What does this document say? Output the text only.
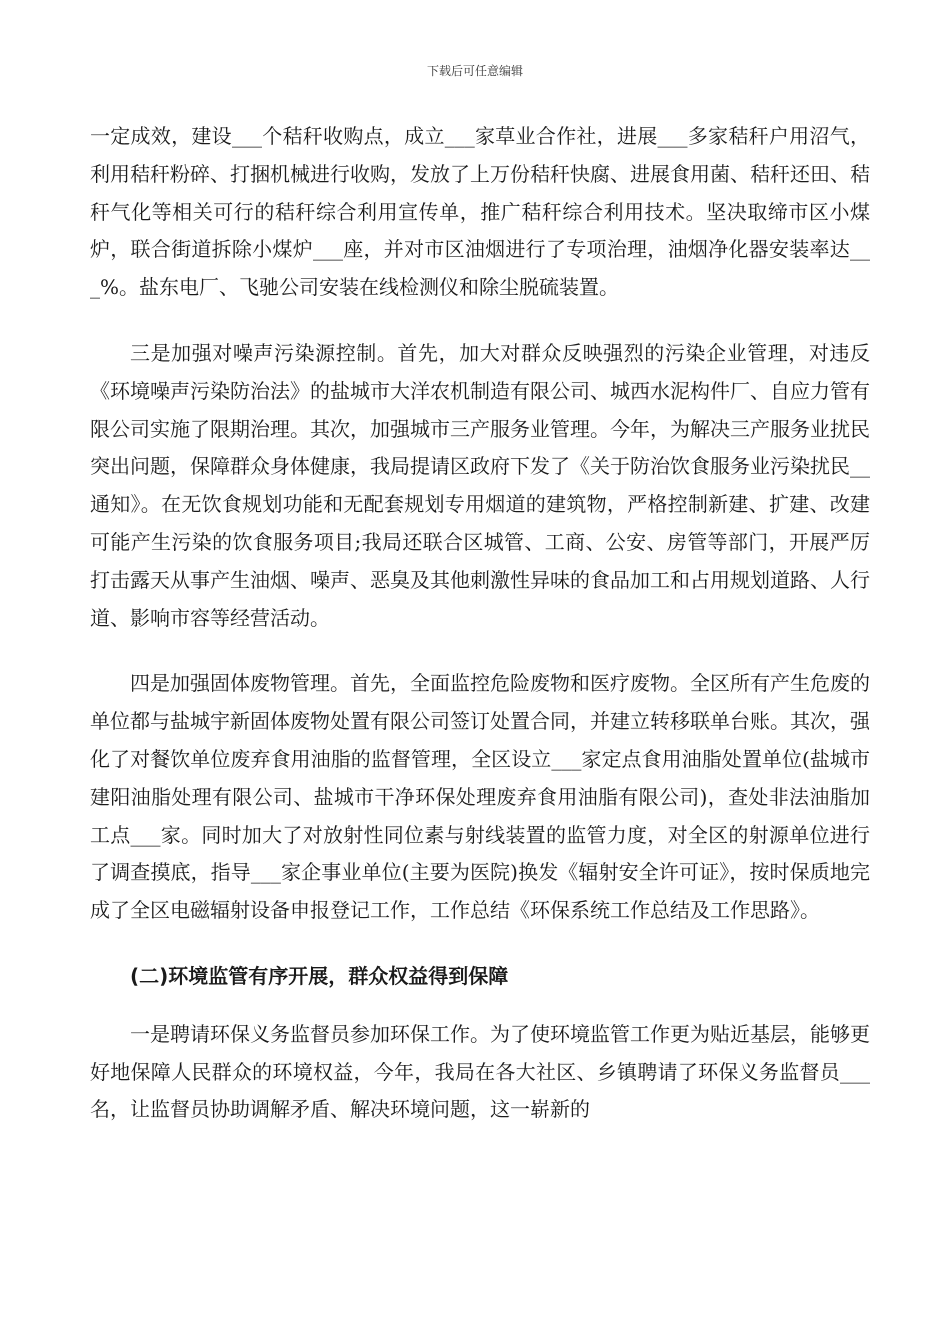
下载后可任意编辑

一定成效，建设___个秸秆收购点，成立___家草业合作社，进展___多家秸秆户用沼气，利用秸秆粉碎、打捆机械进行收购，发放了上万份秸秆快腐、进展食用菌、秸秆还田、秸秆气化等相关可行的秸秆综合利用宣传单，推广秸秆综合利用技术。坚决取缔市区小煤炉，联合街道拆除小煤炉___座，并对市区油烟进行了专项治理，油烟净化器安装率达___%。盐东电厂、飞驰公司安装在线检测仪和除尘脱硫装置。

三是加强对噪声污染源控制。首先，加大对群众反映强烈的污染企业管理，对违反《环境噪声污染防治法》的盐城市大洋农机制造有限公司、城西水泥构件厂、自应力管有限公司实施了限期治理。其次，加强城市三产服务业管理。今年，为解决三产服务业扰民突出问题，保障群众身体健康，我局提请区政府下发了《关于防治饮食服务业污染扰民__通知》。在无饮食规划功能和无配套规划专用烟道的建筑物，严格控制新建、扩建、改建可能产生污染的饮食服务项目;我局还联合区城管、工商、公安、房管等部门，开展严厉打击露天从事产生油烟、噪声、恶臭及其他刺激性异味的食品加工和占用规划道路、人行道、影响市容等经营活动。

四是加强固体废物管理。首先，全面监控危险废物和医疗废物。全区所有产生危废的单位都与盐城宇新固体废物处置有限公司签订处置合同，并建立转移联单台账。其次，强化了对餐饮单位废弃食用油脂的监督管理，全区设立___家定点食用油脂处置单位(盐城市建阳油脂处理有限公司、盐城市干净环保处理废弃食用油脂有限公司)，查处非法油脂加工点___家。同时加大了对放射性同位素与射线装置的监管力度，对全区的射源单位进行了调查摸底，指导___家企事业单位(主要为医院)换发《辐射安全许可证》，按时保质地完成了全区电磁辐射设备申报登记工作，工作总结《环保系统工作总结及工作思路》。

(二)环境监管有序开展，群众权益得到保障

一是聘请环保义务监督员参加环保工作。为了使环境监管工作更为贴近基层，能够更好地保障人民群众的环境权益，今年，我局在各大社区、乡镇聘请了环保义务监督员___名，让监督员协助调解矛盾、解决环境问题，这一崭新的
